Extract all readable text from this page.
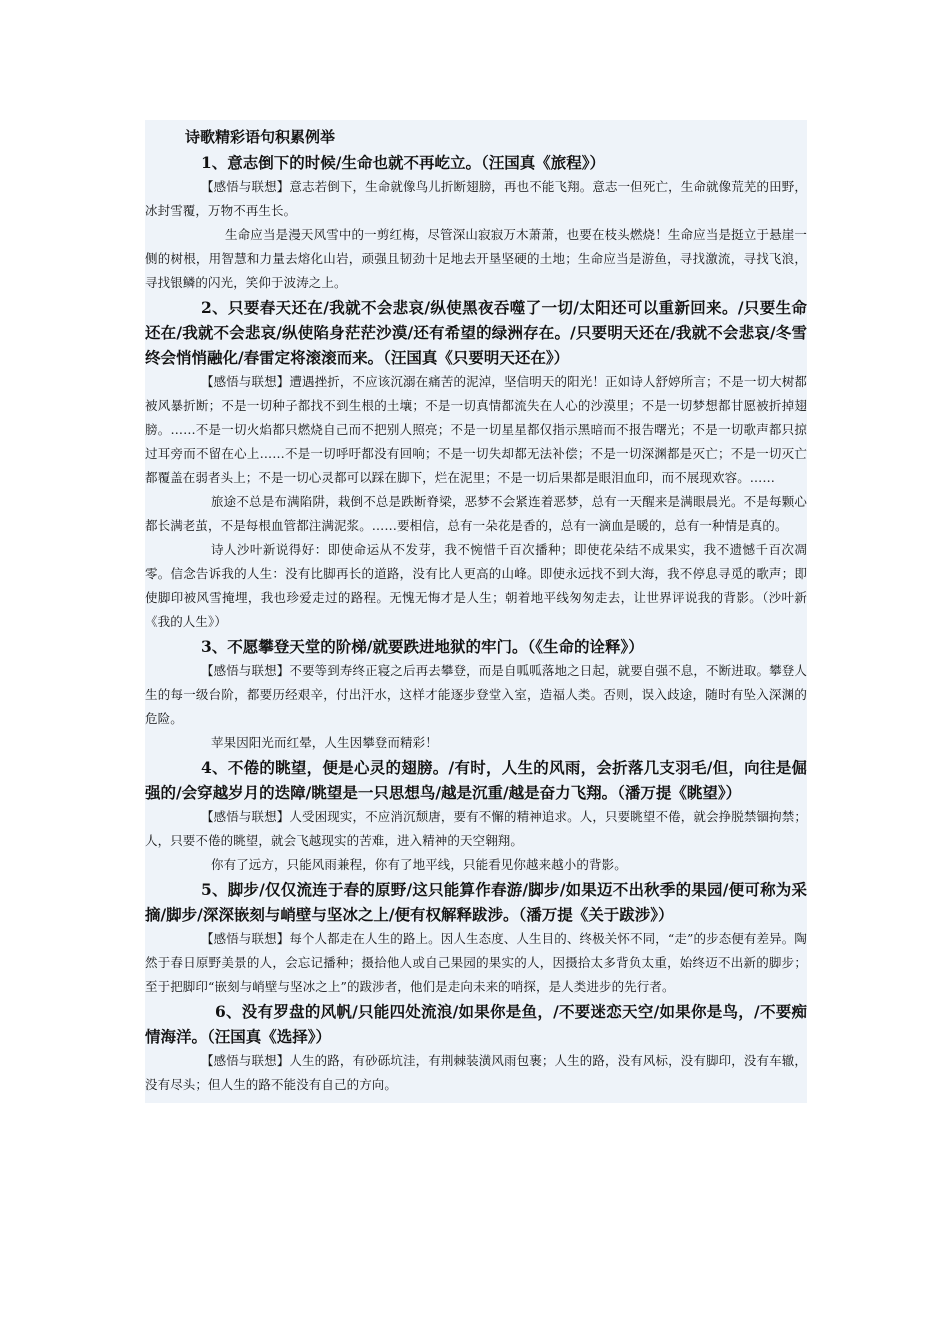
诗歌精彩语句积累例举

1、意志倒下的时候/生命也就不再屹立。（汪国真《旅程》）

【感悟与联想】意志若倒下，生命就像鸟儿折断翅膀，再也不能飞翔。意志一但死亡，生命就像荒芜的田野，冰封雪覆，万物不再生长。

生命应当是漫天风雪中的一剪红梅，尽管深山寂寂万木萧萧，也要在枝头燃烧！生命应当是挺立于悬崖一侧的树根，用智慧和力量去熔化山岩，顽强且韧劲十足地去开垦坚硬的土地；生命应当是游鱼，寻找激流，寻找飞浪，寻找银鳞的闪光，笑仰于波涛之上。

2、只要春天还在/我就不会悲哀/纵使黑夜吞噬了一切/太阳还可以重新回来。/只要生命还在/我就不会悲哀/纵使陷身茫茫沙漠/还有希望的绿洲存在。/只要明天还在/我就不会悲哀/冬雪终会悄悄融化/春雷定将滚滚而来。（汪国真《只要明天还在》）

【感悟与联想】遭遇挫折，不应该沉溺在痛苦的泥淖，坚信明天的阳光！正如诗人舒婷所言；不是一切大树都被风暴折断；不是一切种子都找不到生根的土壤；不是一切真情都流失在人心的沙漠里；不是一切梦想都甘愿被折掉翅膀。……不是一切火焰都只燃烧自己而不把别人照亮；不是一切星星都仅指示黑暗而不报告曙光；不是一切歌声都只掠过耳旁而不留在心上……不是一切呼吁都没有回响；不是一切失却都无法补偿；不是一切深渊都是灭亡；不是一切灭亡都覆盖在弱者头上；不是一切心灵都可以踩在脚下，烂在泥里；不是一切后果都是眼泪血印，而不展现欢容。……

旅途不总是布满陷阱，栽倒不总是跌断脊梁，恶梦不会紧连着恶梦，总有一天醒来是满眼晨光。不是每颗心都长满老茧，不是每根血管都注满泥浆。……要相信，总有一朵花是香的，总有一滴血是暖的，总有一种情是真的。

诗人沙叶新说得好：即使命运从不发芽，我不惋惜千百次播种；即使花朵结不成果实，我不遗憾千百次凋零。信念告诉我的人生：没有比脚再长的道路，没有比人更高的山峰。即使永远找不到大海，我不停息寻觅的歌声；即使脚印被风雪掩埋，我也珍爱走过的路程。无愧无悔才是人生；朝着地平线匆匆走去，让世界评说我的背影。（沙叶新《我的人生》）

3、不愿攀登天堂的阶梯/就要跌进地狱的牢门。（《生命的诠释》）

【感悟与联想】不要等到寿终正寝之后再去攀登，而是自呱呱落地之日起，就要自强不息，不断进取。攀登人生的每一级台阶，都要历经艰辛，付出汗水，这样才能逐步登堂入室，造福人类。否则，误入歧途，随时有坠入深渊的危险。

苹果因阳光而红晕，人生因攀登而精彩！

4、不倦的眺望，便是心灵的翅膀。/有时，人生的风雨，会折落几支羽毛/但，向往是倔强的/会穿越岁月的迭障/眺望是一只思想鸟/越是沉重/越是奋力飞翔。（潘万提《眺望》）

【感悟与联想】人受困现实，不应消沉颓唐，要有不懈的精神追求。人，只要眺望不倦，就会挣脱禁锢拘禁；人，只要不倦的眺望，就会飞越现实的苦难，进入精神的天空翱翔。

你有了远方，只能风雨兼程，你有了地平线，只能看见你越来越小的背影。

5、脚步/仅仅流连于春的原野/这只能算作春游/脚步/如果迈不出秋季的果园/便可称为采摘/脚步/深深嵌刻与峭壁与坚冰之上/便有权解释跋涉。（潘万提《关于跋涉》）

【感悟与联想】每个人都走在人生的路上。因人生态度、人生目的、终极关怀不同，“走”的步态便有差异。陶然于春日原野美景的人，会忘记播种；摄拾他人或自己果园的果实的人，因摄拾太多背负太重，始终迈不出新的脚步；至于把脚印“嵌刻与峭壁与坚冰之上”的跋涉者，他们是走向未来的哨探，是人类进步的先行者。

6、没有罗盘的风帆/只能四处流浪/如果你是鱼，/不要迷恋天空/如果你是鸟，/不要痴情海洋。（汪国真《选择》）

【感悟与联想】人生的路，有砂砾坑洼，有荆棘装潢风雨包裹；人生的路，没有风标，没有脚印，没有车辙，没有尽头；但人生的路不能没有自己的方向。
